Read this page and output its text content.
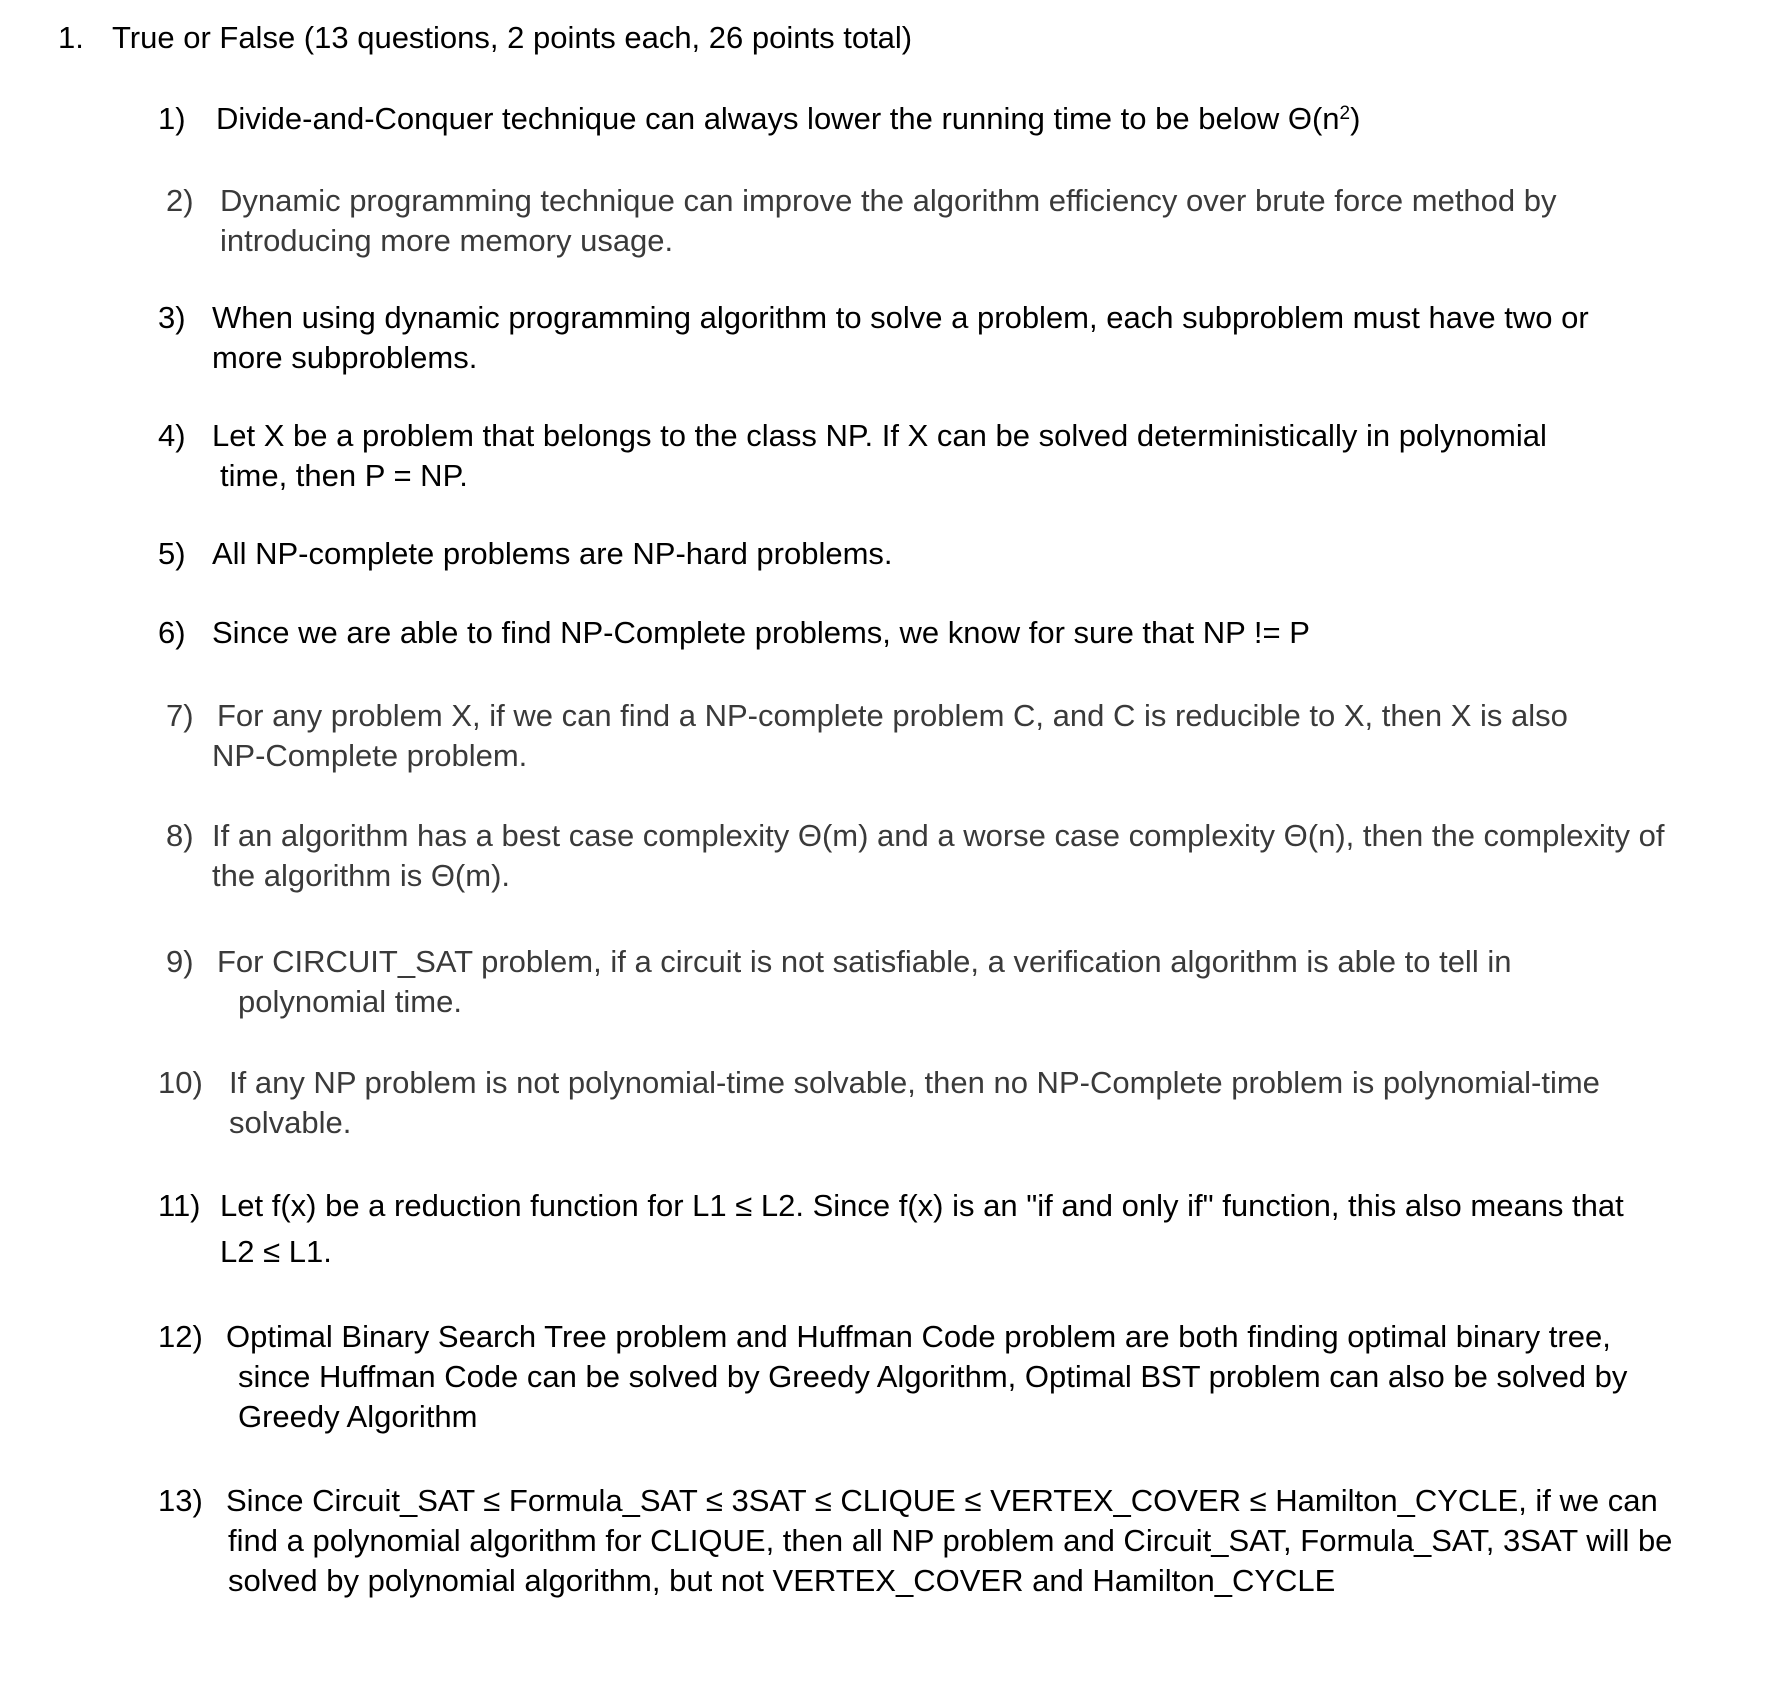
1. True or False (13 questions, 2 points each, 26 points total)
1) Divide-and-Conquer technique can always lower the running time to be below $\Theta(n^2)$
2) Dynamic programming technique can improve the algorithm efficiency over brute force method by
introducing more memory usage.
3) When using dynamic programming algorithm to solve a problem, each subproblem must have two or
more subproblems.
4) Let X be a problem that belongs to the class NP. If X can be solved deterministically in polynomial
time, then P = NP.
5) All NP-complete problems are NP-hard problems.
6) Since we are able to find NP-Complete problems, we know for sure that NP != P
7) For any problem X, if we can find a NP-complete problem C, and C is reducible to X, then X is also
NP-Complete problem.
8) If an algorithm has a best case complexity Θ(m) and a worse case complexity Θ(n), then the complexity of
the algorithm is Θ(m).
9) For CIRCUIT_SAT problem, if a circuit is not satisfiable, a verification algorithm is able to tell in
polynomial time.
10) If any NP problem is not polynomial-time solvable, then no NP-Complete problem is polynomial-time
solvable.
11) Let f(x) be a reduction function for L1 ≤ L2. Since f(x) is an "if and only if" function, this also means that
L2 ≤ L1.
12) Optimal Binary Search Tree problem and Huffman Code problem are both finding optimal binary tree,
since Huffman Code can be solved by Greedy Algorithm, Optimal BST problem can also be solved by
Greedy Algorithm
13) Since Circuit_SAT ≤ Formula_SAT ≤ 3SAT ≤ CLIQUE ≤ VERTEX_COVER ≤ Hamilton_CYCLE, if we can
find a polynomial algorithm for CLIQUE, then all NP problem and Circuit_SAT, Formula_SAT, 3SAT will be
solved by polynomial algorithm, but not VERTEX_COVER and Hamilton_CYCLE
